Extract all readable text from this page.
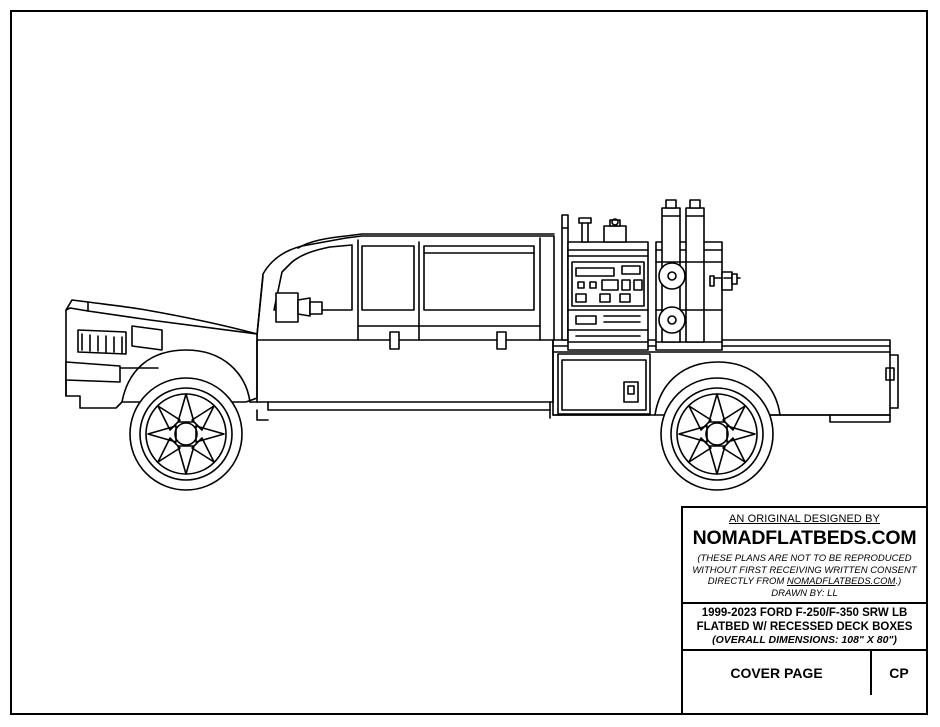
AN ORIGINAL DESIGNED BY
NOMADFLATBEDS.COM
(THESE PLANS ARE NOT TO BE REPRODUCED
WITHOUT FIRST RECEIVING WRITTEN CONSENT
DIRECTLY FROM NOMADFLATBEDS.COM.)
DRAWN BY: LL
1999-2023 FORD F-250/F-350 SRW LB
FLATBED W/ RECESSED DECK BOXES
(OVERALL DIMENSIONS: 108" X 80")
COVER PAGE	CP
